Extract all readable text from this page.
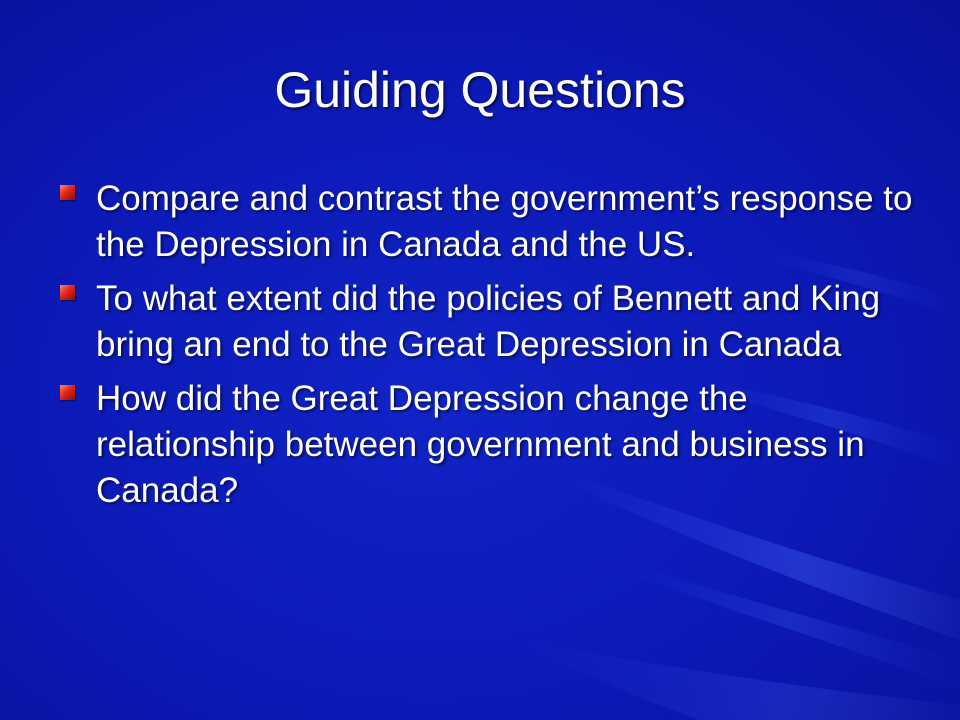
Guiding Questions
Compare and contrast the government’s response to the Depression in Canada and the US.
To what extent did the policies of Bennett and King bring an end to the Great Depression in Canada
How did the Great Depression change the relationship between government and business in Canada?
